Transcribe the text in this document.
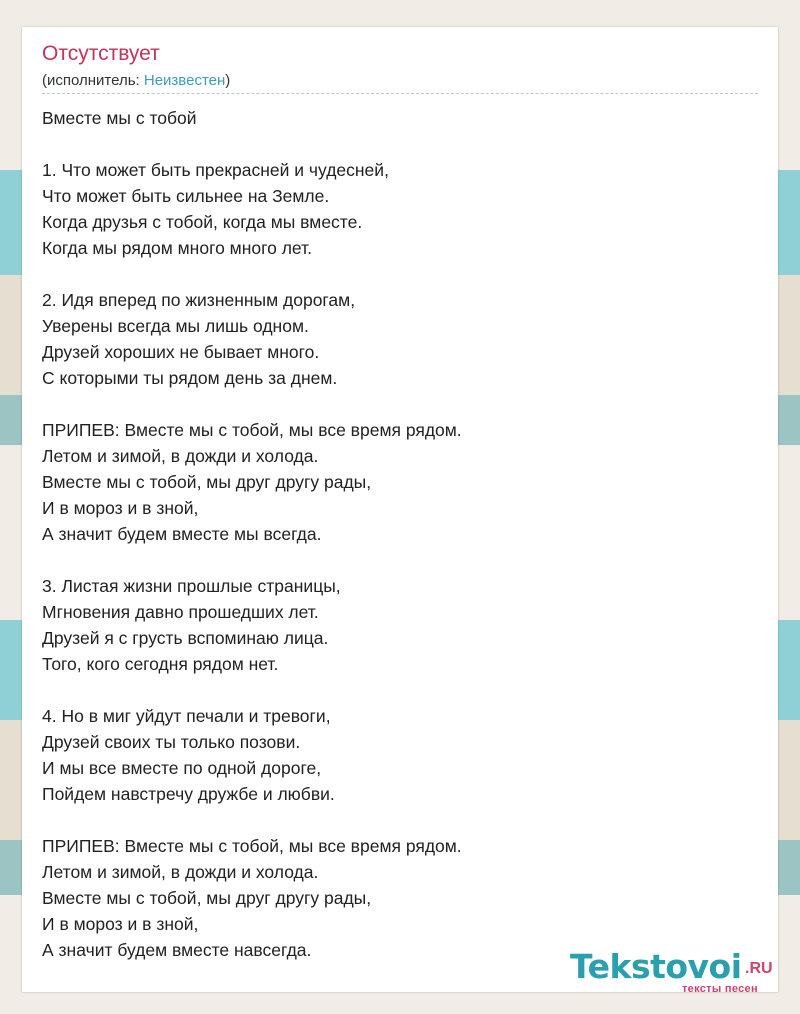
Отсутствует
(исполнитель: Неизвестен)
Вместе мы с тобой
1. Что может быть прекрасней и чудесней,
Что может быть сильнее на Земле.
Когда друзья с тобой, когда мы вместе.
Когда мы рядом много много лет.
2. Идя вперед по жизненным дорогам,
Уверены всегда мы лишь одном.
Друзей хороших не бывает много.
С которыми ты рядом день за днем.
ПРИПЕВ: Вместе мы с тобой, мы все время рядом.
Летом и зимой, в дожди и холода.
Вместе мы с тобой, мы друг другу рады,
И в мороз и в зной,
А значит будем вместе мы всегда.
3. Листая жизни прошлые страницы,
Мгновения давно прошедших лет.
Друзей я с грусть вспоминаю лица.
Того, кого сегодня рядом нет.
4. Но в миг уйдут печали и тревоги,
Друзей своих ты только позови.
И мы все вместе по одной дороге,
Пойдем навстречу дружбе и любви.
ПРИПЕВ: Вместе мы с тобой, мы все время рядом.
Летом и зимой, в дожди и холода.
Вместе мы с тобой, мы друг другу рады,
И в мороз и в зной,
А значит будем вместе навсегда.	Tekstovoi .RU
тексты песен
